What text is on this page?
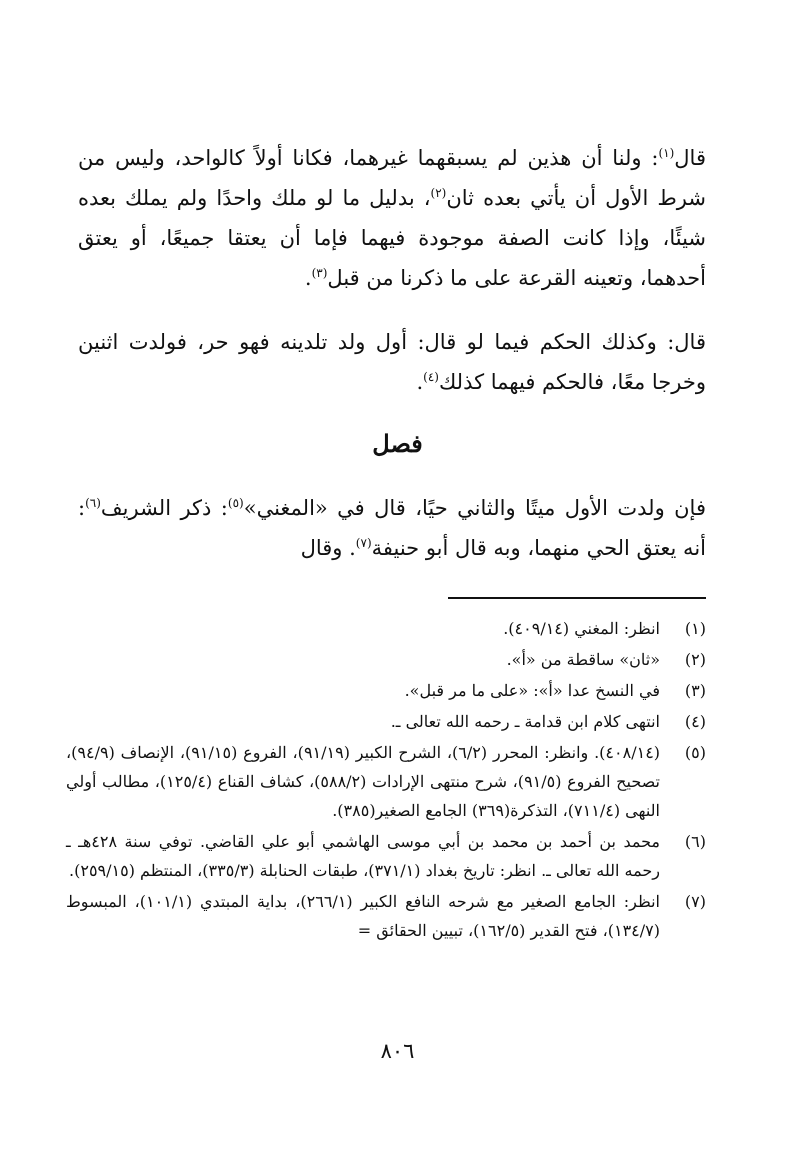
قال$^{(١)}$: ولنا أن هذين لم يسبقهما غيرهما، فكانا أولاً كالواحد، وليس من شرط الأول أن يأتي بعده ثان$^{(٢)}$، بدليل ما لو ملك واحدًا ولم يملك بعده شيئًا، وإذا كانت الصفة موجودة فيهما فإما أن يعتقا جميعًا، أو يعتق أحدهما، وتعينه القرعة على ما ذكرنا من قبل$^{(٣)}$.

قال: وكذلك الحكم فيما لو قال: أول ولد تلدينه فهو حر، فولدت اثنين وخرجا معًا، فالحكم فيهما كذلك$^{(٤)}$.

فصل

فإن ولدت الأول ميتًا والثاني حيًا، قال في «المغني»$^{(٥)}$: ذكر الشريف$^{(٦)}$: أنه يعتق الحي منهما، وبه قال أبو حنيفة$^{(٧)}$. وقال

(١)
انظر: المغني (٤٠٩/١٤).
(٢)
«ثان» ساقطة من «أ».
(٣)
في النسخ عدا «أ»: «على ما مر قبل».
(٤)
انتهى كلام ابن قدامة ـ رحمه الله تعالى ـ.
(٥)
(٤٠٨/١٤). وانظر: المحرر (٦/٢)، الشرح الكبير (٩١/١٩)، الفروع (٩١/١٥)، الإنصاف (٩٤/٩)، تصحيح الفروع (٩١/٥)، شرح منتهى الإرادات (٥٨٨/٢)، كشاف القناع (١٢٥/٤)، مطالب أولي النهى (٧١١/٤)، التذكرة(٣٦٩) الجامع الصغير(٣٨٥).
(٦)
محمد بن أحمد بن محمد بن أبي موسى الهاشمي أبو علي القاضي. توفي سنة ٤٢٨هـ ـ رحمه الله تعالى ـ. انظر: تاريخ بغداد (٣٧١/١)، طبقات الحنابلة (٣٣٥/٣)، المنتظم (٢٥٩/١٥).
(٧)
انظر: الجامع الصغير مع شرحه النافع الكبير (٢٦٦/١)، بداية المبتدي (١٠١/١)، المبسوط (١٣٤/٧)، فتح القدير (١٦٢/٥)، تبيين الحقائق =
٨٠٦
